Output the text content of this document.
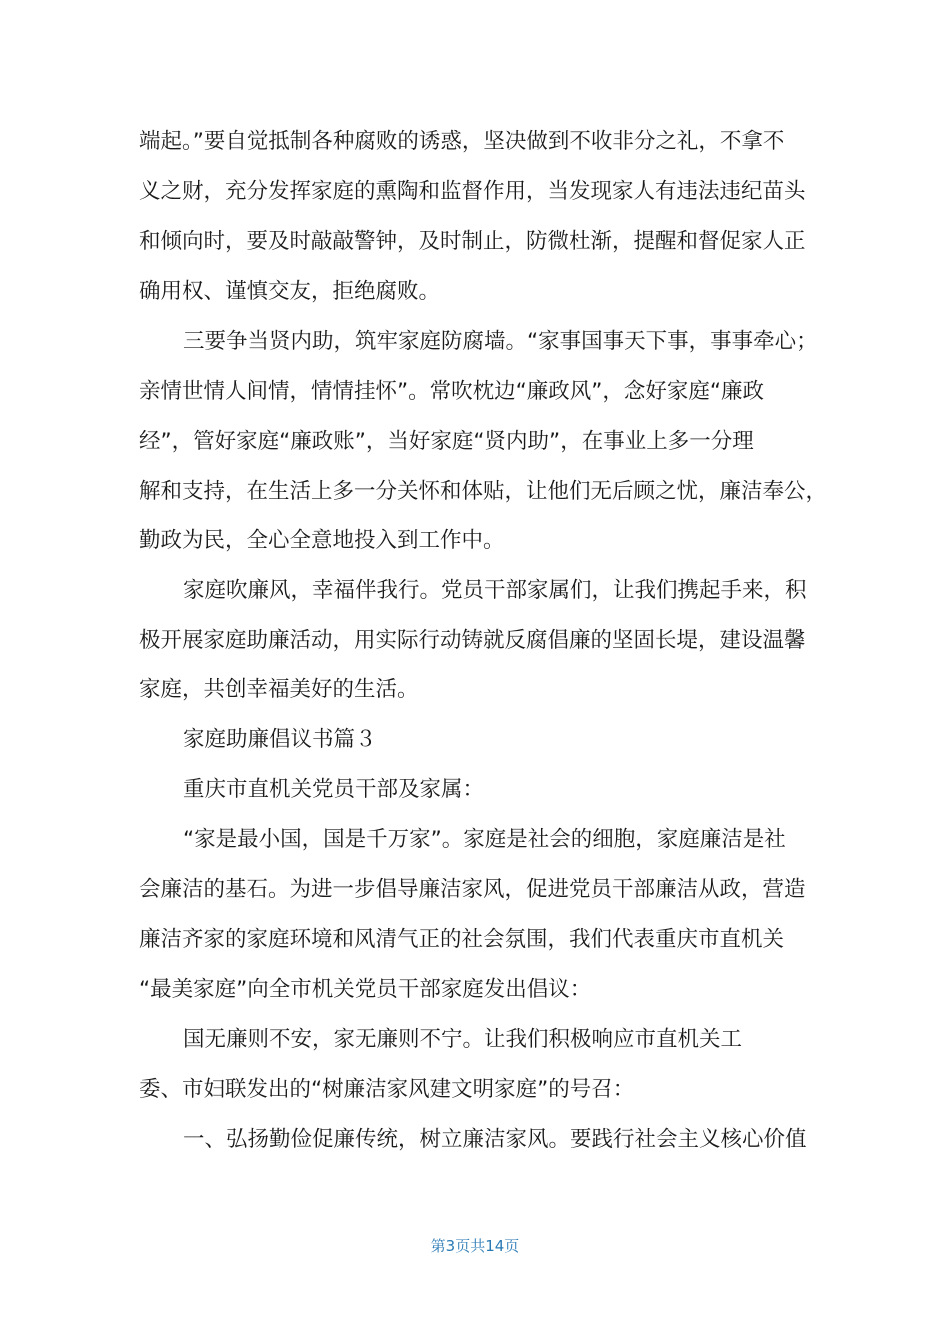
端起。”要自觉抵制各种腐败的诱惑，坚决做到不收非分之礼，不拿不

义之财，充分发挥家庭的熏陶和监督作用，当发现家人有违法违纪苗头

和倾向时，要及时敲敲警钟，及时制止，防微杜渐，提醒和督促家人正

确用权、谨慎交友，拒绝腐败。

三要争当贤内助，筑牢家庭防腐墙。“家事国事天下事，事事牵心；

亲情世情人间情，情情挂怀”。常吹枕边“廉政风”，念好家庭“廉政

经”，管好家庭“廉政账”，当好家庭“贤内助”，在事业上多一分理

解和支持，在生活上多一分关怀和体贴，让他们无后顾之忧，廉洁奉公，

勤政为民，全心全意地投入到工作中。

家庭吹廉风，幸福伴我行。党员干部家属们，让我们携起手来，积

极开展家庭助廉活动，用实际行动铸就反腐倡廉的坚固长堤，建设温馨

家庭，共创幸福美好的生活。

家庭助廉倡议书篇３

重庆市直机关党员干部及家属：

“家是最小国，国是千万家”。家庭是社会的细胞，家庭廉洁是社

会廉洁的基石。为进一步倡导廉洁家风，促进党员干部廉洁从政，营造

廉洁齐家的家庭环境和风清气正的社会氛围，我们代表重庆市直机关

“最美家庭”向全市机关党员干部家庭发出倡议：

国无廉则不安，家无廉则不宁。让我们积极响应市直机关工

委、市妇联发出的“树廉洁家风建文明家庭”的号召：

一、弘扬勤俭促廉传统，树立廉洁家风。要践行社会主义核心价值

第3页共14页
